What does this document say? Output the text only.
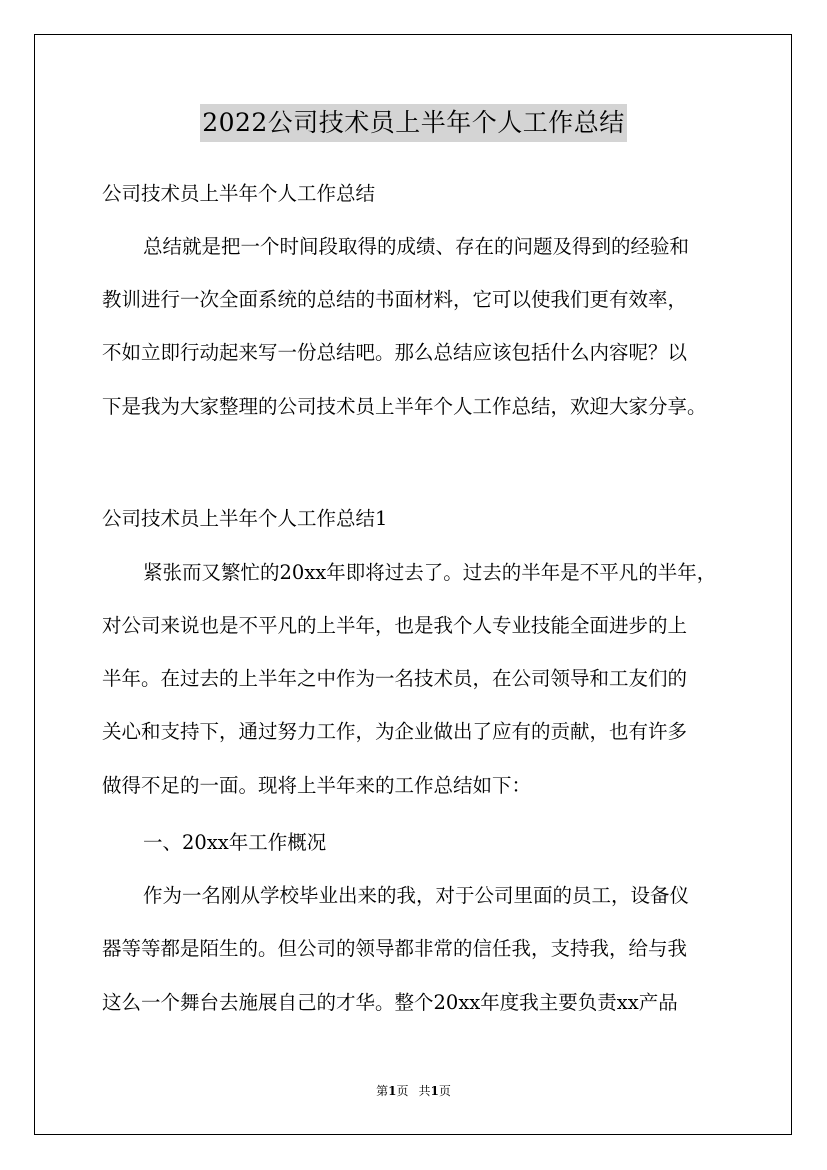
2022公司技术员上半年个人工作总结
公司技术员上半年个人工作总结
总结就是把一个时间段取得的成绩、存在的问题及得到的经验和
教训进行一次全面系统的总结的书面材料，它可以使我们更有效率，
不如立即行动起来写一份总结吧。那么总结应该包括什么内容呢？以
下是我为大家整理的公司技术员上半年个人工作总结，欢迎大家分享。
公司技术员上半年个人工作总结1
紧张而又繁忙的20xx年即将过去了。过去的半年是不平凡的半年，
对公司来说也是不平凡的上半年，也是我个人专业技能全面进步的上
半年。在过去的上半年之中作为一名技术员，在公司领导和工友们的
关心和支持下，通过努力工作，为企业做出了应有的贡献，也有许多
做得不足的一面。现将上半年来的工作总结如下：
一、20xx年工作概况
作为一名刚从学校毕业出来的我，对于公司里面的员工，设备仪
器等等都是陌生的。但公司的领导都非常的信任我，支持我，给与我
这么一个舞台去施展自己的才华。整个20xx年度我主要负责xx产品
第1页 共1页
